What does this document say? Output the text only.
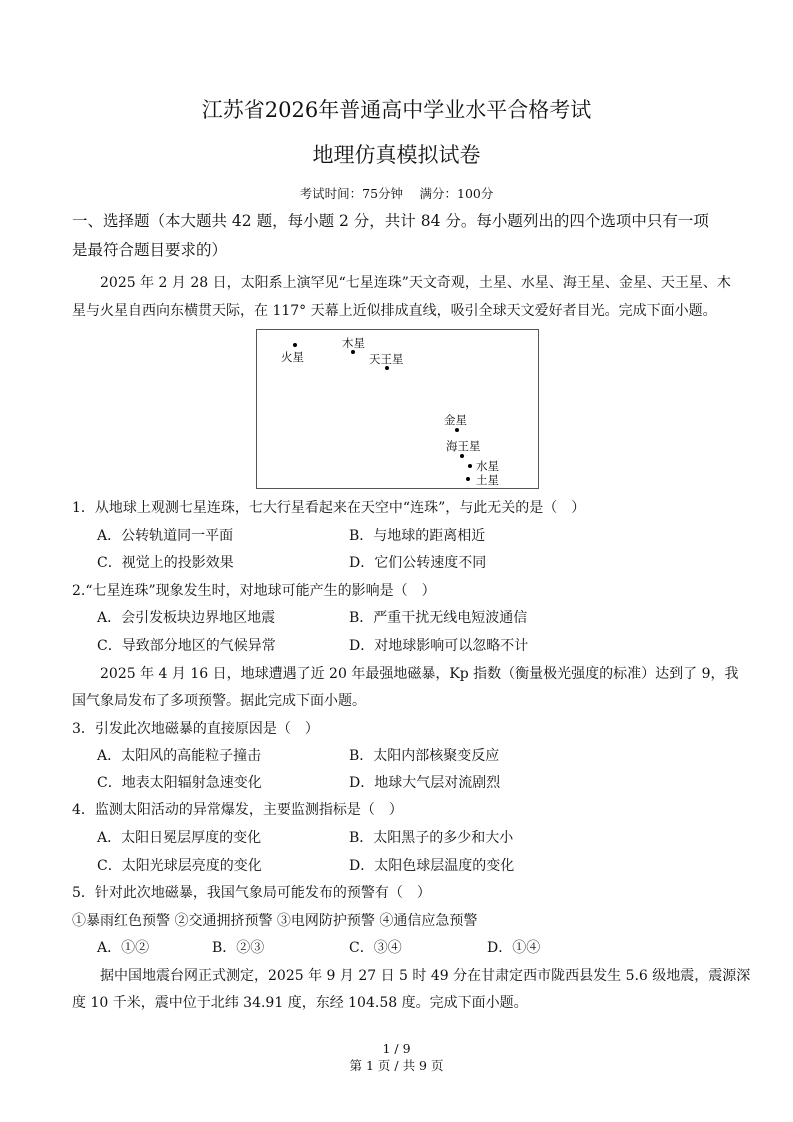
江苏省2026年普通高中学业水平合格考试
地理仿真模拟试卷
考试时间：75分钟　 满分：100分
一、选择题（本大题共 42 题，每小题 2 分，共计 84 分。每小题列出的四个选项中只有一项
是最符合题目要求的）
2025 年 2 月 28 日，太阳系上演罕见“七星连珠”天文奇观，土星、水星、海王星、金星、天王星、木
星与火星自西向东横贯天际，在 117° 天幕上近似排成直线，吸引全球天文爱好者目光。完成下面小题。
火星
木星
天王星
金星
海王星
水星
土星
1．从地球上观测七星连珠，七大行星看起来在天空中“连珠”，与此无关的是（　）
A．公转轨道同一平面	B．与地球的距离相近
C．视觉上的投影效果	D．它们公转速度不同
2.“七星连珠”现象发生时，对地球可能产生的影响是（　）
A．会引发板块边界地区地震	B．严重干扰无线电短波通信
C．导致部分地区的气候异常	D．对地球影响可以忽略不计
2025 年 4 月 16 日，地球遭遇了近 20 年最强地磁暴，Kp 指数（衡量极光强度的标准）达到了 9，我
国气象局发布了多项预警。据此完成下面小题。
3．引发此次地磁暴的直接原因是（　）
A．太阳风的高能粒子撞击	B．太阳内部核聚变反应
C．地表太阳辐射急速变化	D．地球大气层对流剧烈
4．监测太阳活动的异常爆发，主要监测指标是（　）
A．太阳日冕层厚度的变化	B．太阳黑子的多少和大小
C．太阳光球层亮度的变化	D．太阳色球层温度的变化
5．针对此次地磁暴，我国气象局可能发布的预警有（　）
①暴雨红色预警 ②交通拥挤预警 ③电网防护预警 ④通信应急预警
A．①②	B．②③	C．③④	D．①④
据中国地震台网正式测定，2025 年 9 月 27 日 5 时 49 分在甘肃定西市陇西县发生 5.6 级地震，震源深
度 10 千米，震中位于北纬 34.91 度，东经 104.58 度。完成下面小题。
1 / 9
第 1 页 / 共 9 页
